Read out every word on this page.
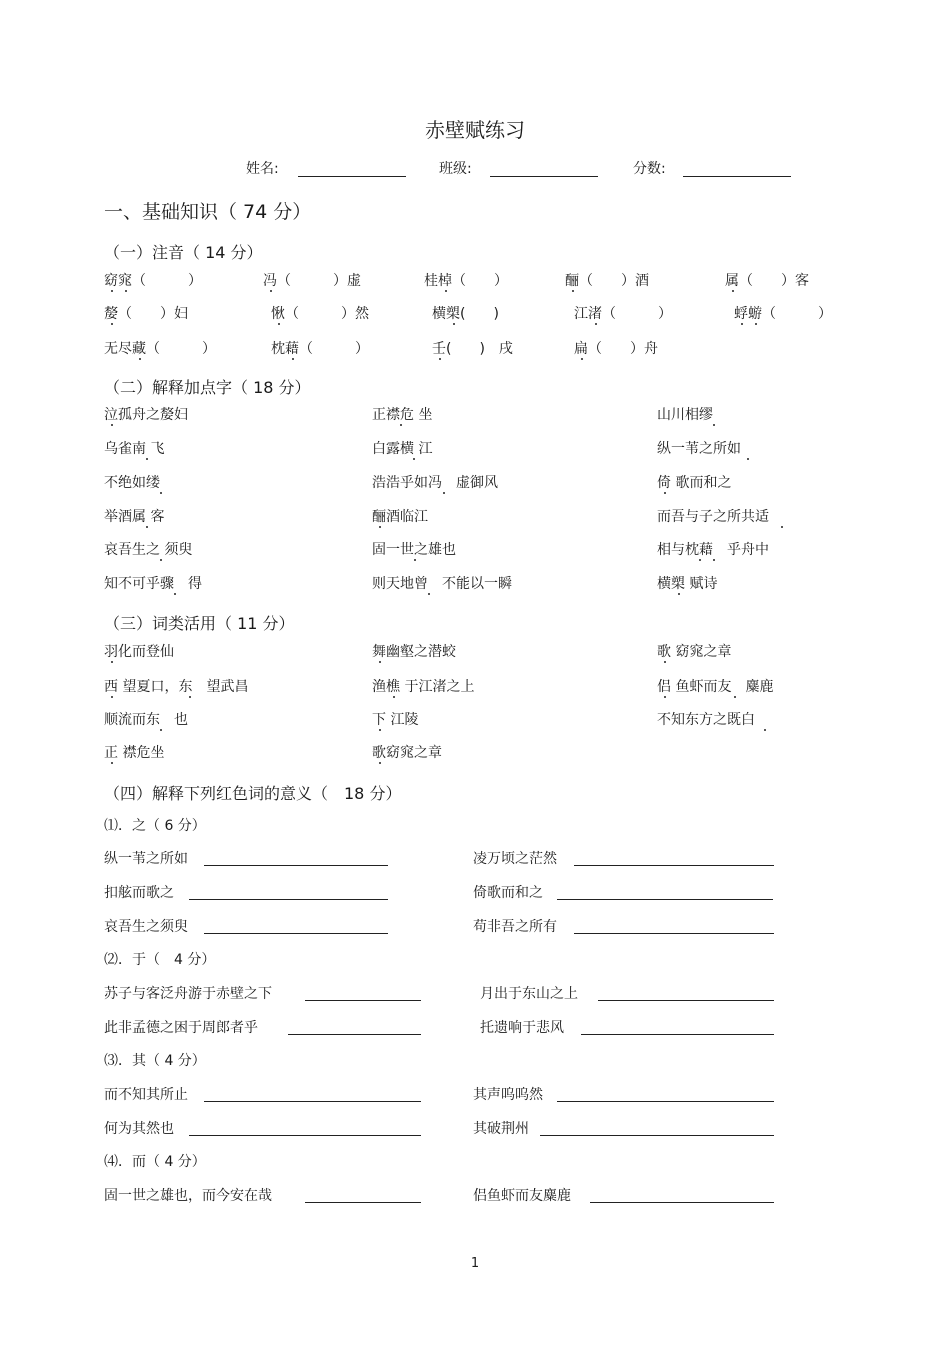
赤壁赋练习
姓名:	班级:	分数:
一、基础知识（ 74 分）
（一）注音（ 14 分）
窈窕（　　　）	冯（　　　）虚	桂棹（　　）	酾（　　）酒	属（　　）客
嫠（　　）妇	愀（　　　）然	横槊(　　)	江渚（　　　）	蜉蝣（　　　）
无尽藏（　　　）	枕藉（　　　）	壬(　　)　戌	扁（　　）舟
（二）解释加点字（ 18 分）
泣孤舟之嫠妇	正襟危 坐	山川相缪
乌雀南 飞	白露横 江	纵一苇之所如
不绝如缕	浩浩乎如冯　虚御风	倚 歌而和之
举酒属 客	酾酒临江	而吾与子之所共适
哀吾生之 须臾	固一世之雄也	相与枕藉　乎舟中
知不可乎骤　得	则天地曾　不能以一瞬	横槊 赋诗
（三）词类活用（ 11 分）
羽化而登仙	舞幽壑之潜蛟	歌 窈窕之章
西 望夏口，东　望武昌	渔樵 于江渚之上	侣 鱼虾而友　麋鹿
顺流而东　也	下 江陵	不知东方之既白
正 襟危坐	歌窈窕之章
（四）解释下列红色词的意义（　18 分）
⑴．之（ 6 分）
纵一苇之所如	凌万顷之茫然
扣舷而歌之	倚歌而和之
哀吾生之须臾	苟非吾之所有
⑵．于（　4 分）
苏子与客泛舟游于赤壁之下	月出于东山之上
此非孟德之困于周郎者乎	托遗响于悲风
⑶．其（ 4 分）
而不知其所止	其声呜呜然
何为其然也	其破荆州
⑷．而（ 4 分）
固一世之雄也，而今安在哉	侣鱼虾而友麋鹿
1
